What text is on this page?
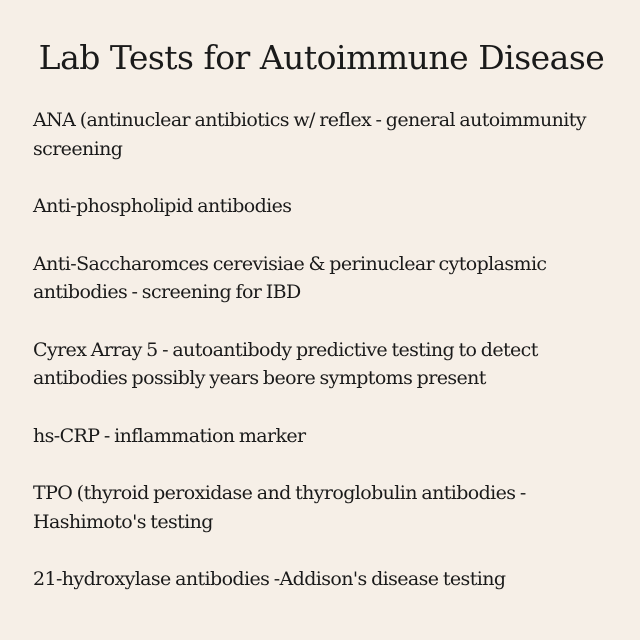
Lab Tests for Autoimmune Disease
ANA (antinuclear antibiotics w/ reflex - general autoimmunity screening
Anti-phospholipid antibodies
Anti-Saccharomces cerevisiae & perinuclear cytoplasmic antibodies - screening for IBD
Cyrex Array 5 - autoantibody predictive testing to detect antibodies possibly years beore symptoms present
hs-CRP - inflammation marker
TPO (thyroid peroxidase and thyroglobulin antibodies - Hashimoto's testing
21-hydroxylase antibodies -Addison's disease testing
